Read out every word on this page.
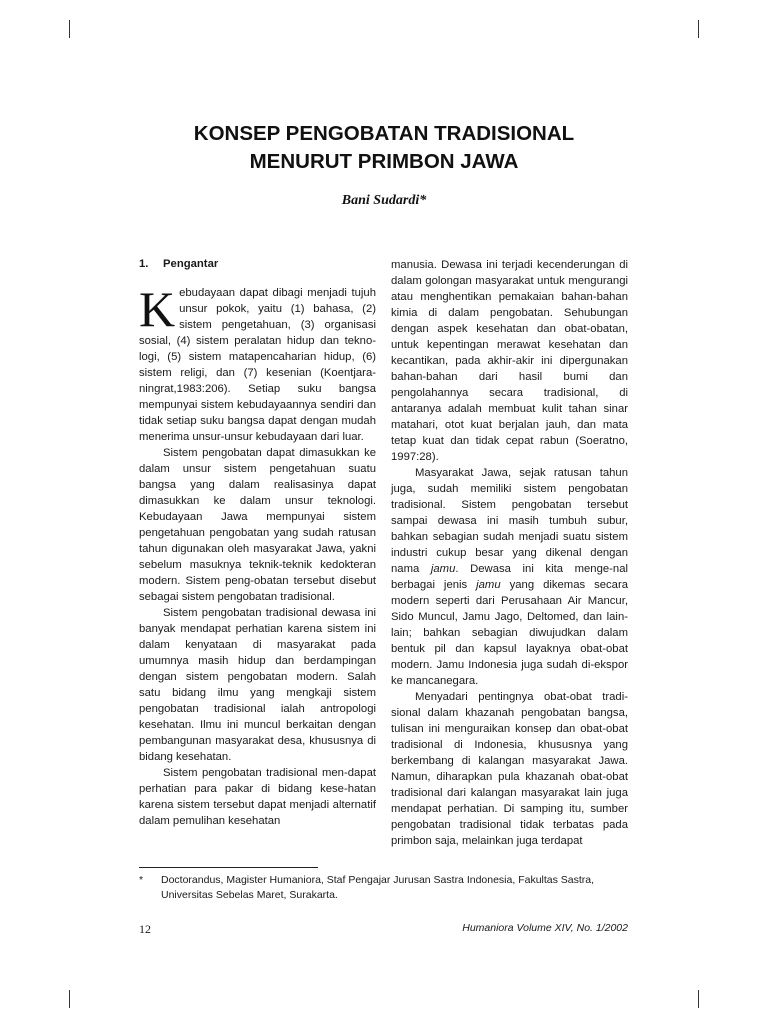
KONSEP PENGOBATAN TRADISIONAL
MENURUT PRIMBON JAWA
Bani Sudardi*

1. Pengantar

Kebudayaan dapat dibagi menjadi tujuh unsur pokok, yaitu (1) bahasa, (2) sistem pengetahuan, (3) organisasi sosial, (4) sistem peralatan hidup dan tekno-logi, (5) sistem matapencaharian hidup, (6) sistem religi, dan (7) kesenian (Koentjara-ningrat,1983:206). Setiap suku bangsa mempunyai sistem kebudayaannya sendiri dan tidak setiap suku bangsa dapat dengan mudah menerima unsur-unsur kebudayaan dari luar.

Sistem pengobatan dapat dimasukkan ke dalam unsur sistem pengetahuan suatu bangsa yang dalam realisasinya dapat dimasukkan ke dalam unsur teknologi. Kebudayaan Jawa mempunyai sistem pengetahuan pengobatan yang sudah ratusan tahun digunakan oleh masyarakat Jawa, yakni sebelum masuknya teknik-teknik kedokteran modern. Sistem peng-obatan tersebut disebut sebagai sistem pengobatan tradisional.

Sistem pengobatan tradisional dewasa ini banyak mendapat perhatian karena sistem ini dalam kenyataan di masyarakat pada umumnya masih hidup dan berdampingan dengan sistem pengobatan modern. Salah satu bidang ilmu yang mengkaji sistem pengobatan tradisional ialah antropologi kesehatan. Ilmu ini muncul berkaitan dengan pembangunan masyarakat desa, khususnya di bidang kesehatan.

Sistem pengobatan tradisional men-dapat perhatian para pakar di bidang kese-hatan karena sistem tersebut dapat menjadi alternatif dalam pemulihan kesehatan

manusia. Dewasa ini terjadi kecenderungan di dalam golongan masyarakat untuk mengurangi atau menghentikan pemakaian bahan-bahan kimia di dalam pengobatan. Sehubungan dengan aspek kesehatan dan obat-obatan, untuk kepentingan merawat kesehatan dan kecantikan, pada akhir-akir ini dipergunakan bahan-bahan dari hasil bumi dan pengolahannya secara tradisional, di antaranya adalah membuat kulit tahan sinar matahari, otot kuat berjalan jauh, dan mata tetap kuat dan tidak cepat rabun (Soeratno, 1997:28).

Masyarakat Jawa, sejak ratusan tahun juga, sudah memiliki sistem pengobatan tradisional. Sistem pengobatan tersebut sampai dewasa ini masih tumbuh subur, bahkan sebagian sudah menjadi suatu sistem industri cukup besar yang dikenal dengan nama jamu. Dewasa ini kita menge-nal berbagai jenis jamu yang dikemas secara modern seperti dari Perusahaan Air Mancur, Sido Muncul, Jamu Jago, Deltomed, dan lain-lain; bahkan sebagian diwujudkan dalam bentuk pil dan kapsul layaknya obat-obat modern. Jamu Indonesia juga sudah di-ekspor ke mancanegara.

Menyadari pentingnya obat-obat tradi-sional dalam khazanah pengobatan bangsa, tulisan ini menguraikan konsep dan obat-obat tradisional di Indonesia, khususnya yang berkembang di kalangan masyarakat Jawa. Namun, diharapkan pula khazanah obat-obat tradisional dari kalangan masyarakat lain juga mendapat perhatian. Di samping itu, sumber pengobatan tradisional tidak terbatas pada primbon saja, melainkan juga terdapat

* Doctorandus, Magister Humaniora, Staf Pengajar Jurusan Sastra Indonesia, Fakultas Sastra, Universitas Sebelas Maret, Surakarta.
12	Humaniora Volume XIV, No. 1/2002
